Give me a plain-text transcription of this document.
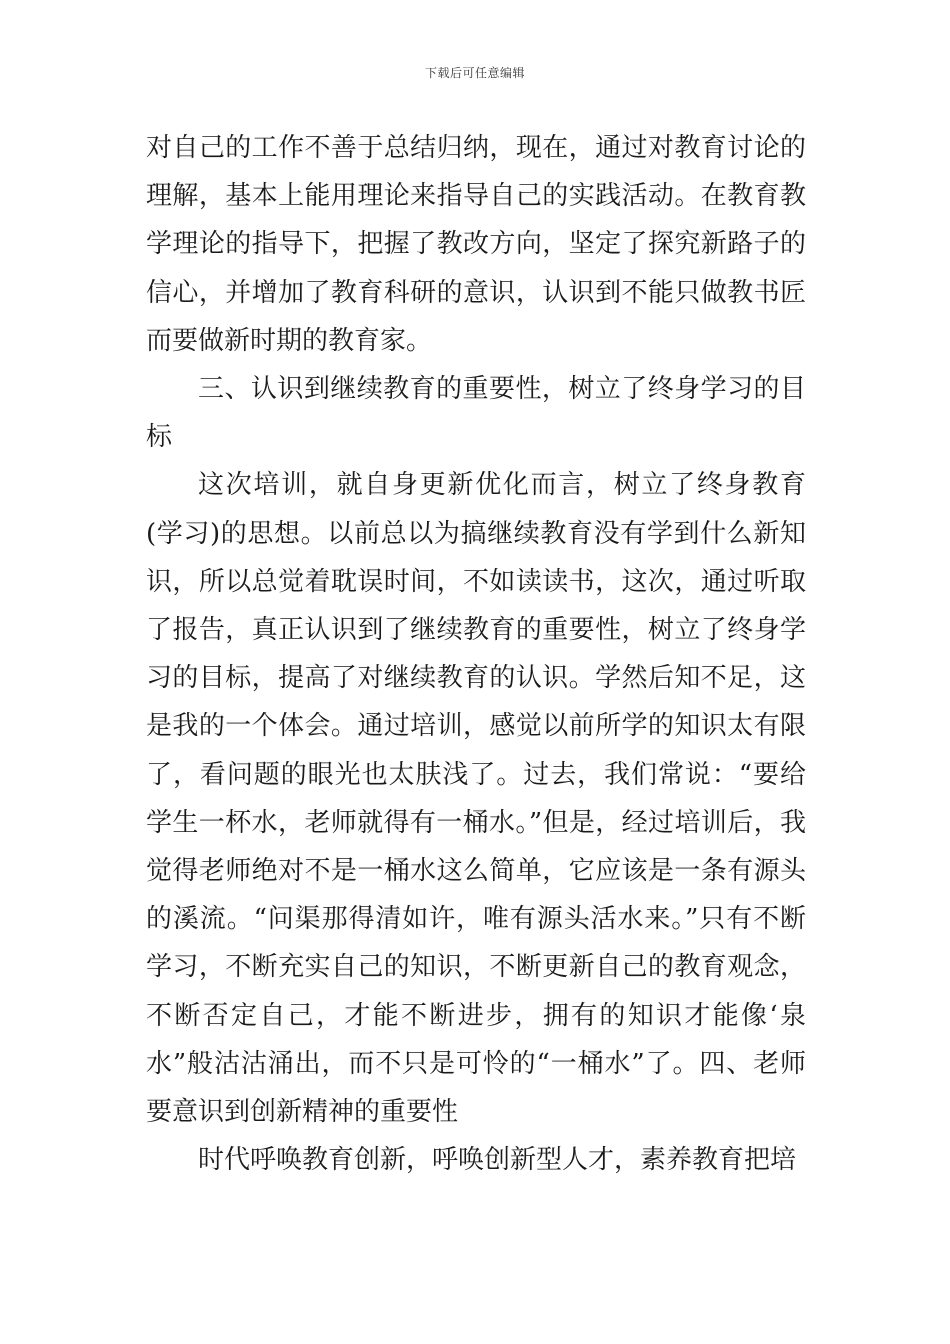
下载后可任意编辑

对自己的工作不善于总结归纳，现在，通过对教育讨论的理解，基本上能用理论来指导自己的实践活动。在教育教学理论的指导下，把握了教改方向，坚定了探究新路子的信心，并增加了教育科研的意识，认识到不能只做教书匠而要做新时期的教育家。

三、认识到继续教育的重要性，树立了终身学习的目标

这次培训，就自身更新优化而言，树立了终身教育(学习)的思想。以前总以为搞继续教育没有学到什么新知识，所以总觉着耽误时间，不如读读书，这次，通过听取了报告，真正认识到了继续教育的重要性，树立了终身学习的目标，提高了对继续教育的认识。学然后知不足，这是我的一个体会。通过培训，感觉以前所学的知识太有限了，看问题的眼光也太肤浅了。过去，我们常说：“要给学生一杯水，老师就得有一桶水。”但是，经过培训后，我觉得老师绝对不是一桶水这么简单，它应该是一条有源头的溪流。“问渠那得清如许，唯有源头活水来。”只有不断学习，不断充实自己的知识，不断更新自己的教育观念，不断否定自己，才能不断进步，拥有的知识才能像‘泉水”般沽沽涌出，而不只是可怜的“一桶水”了。四、老师要意识到创新精神的重要性

时代呼唤教育创新，呼唤创新型人才，素养教育把培
